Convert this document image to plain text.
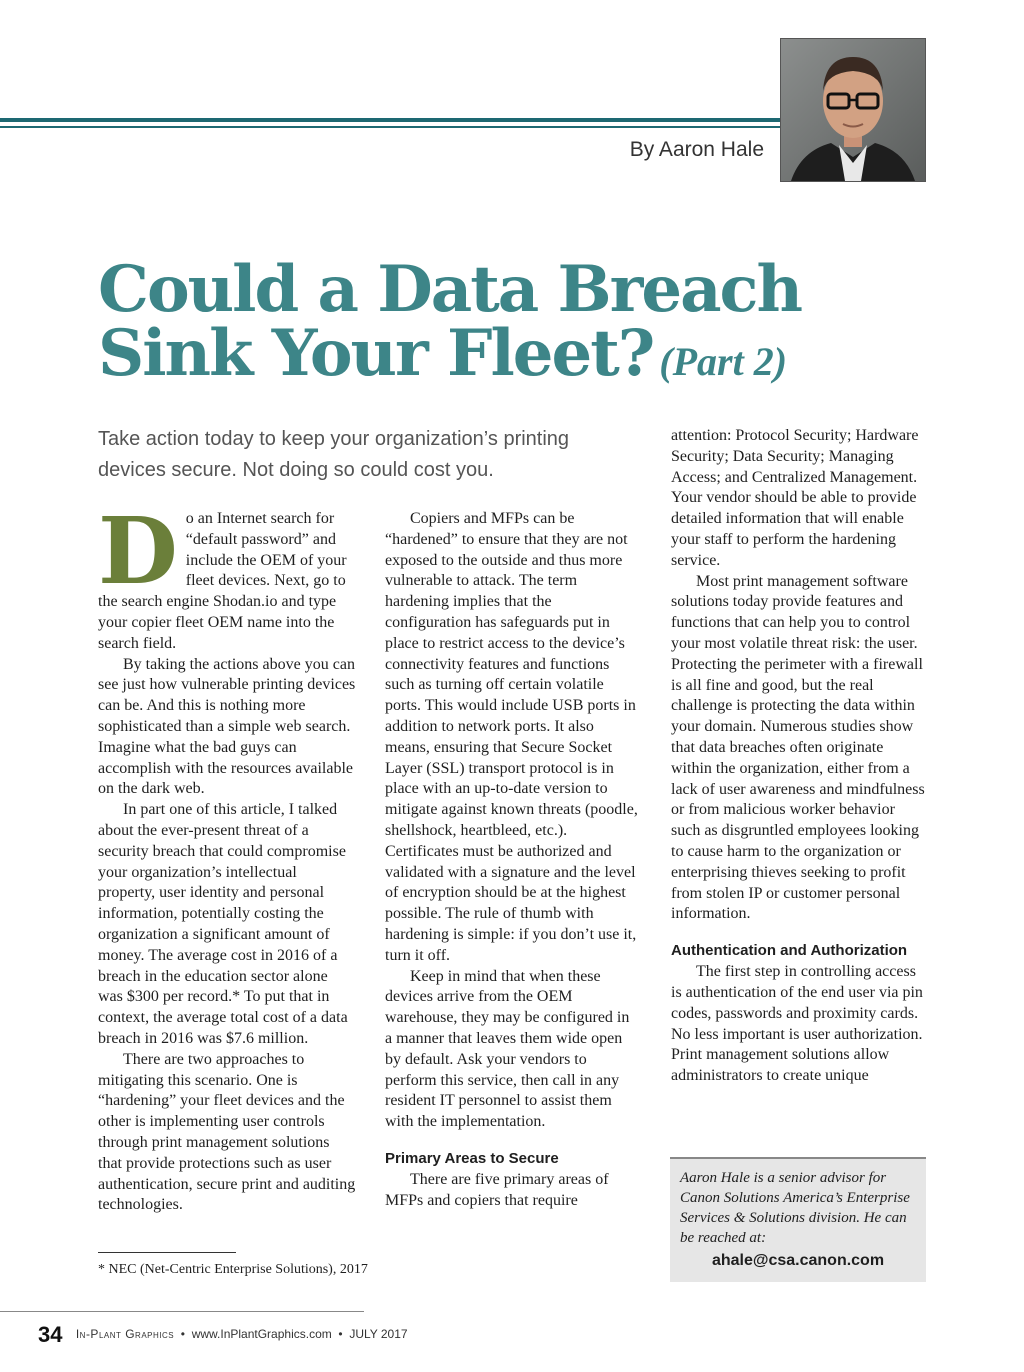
By Aaron Hale
Could a Data Breach
Sink Your Fleet? (Part 2)
Take action today to keep your organization’s printing devices secure. Not doing so could cost you.

Do an Internet search for “default password” and include the OEM of your fleet devices. Next, go to the search engine Shodan.io and type your copier fleet OEM name into the search field.

By taking the actions above you can see just how vulnerable printing devices can be. And this is nothing more sophisticated than a simple web search. Imagine what the bad guys can accomplish with the resources available on the dark web.

In part one of this article, I talked about the ever-present threat of a security breach that could compromise your organization’s intellectual property, user identity and personal information, potentially costing the organization a significant amount of money. The average cost in 2016 of a breach in the education sector alone was $300 per record.* To put that in context, the average total cost of a data breach in 2016 was $7.6 million.

There are two approaches to mitigating this scenario. One is “hardening” your fleet devices and the other is implementing user controls through print management solutions that provide protections such as user authentication, secure print and auditing technologies.

Copiers and MFPs can be “hardened” to ensure that they are not exposed to the outside and thus more vulnerable to attack. The term hardening implies that the configuration has safeguards put in place to restrict access to the device’s connectivity features and functions such as turning off certain volatile ports. This would include USB ports in addition to network ports. It also means, ensuring that Secure Socket Layer (SSL) transport protocol is in place with an up-to-date version to mitigate against known threats (poodle, shellshock, heartbleed, etc.). Certificates must be authorized and validated with a signature and the level of encryption should be at the highest possible. The rule of thumb with hardening is simple: if you don’t use it, turn it off.

Keep in mind that when these devices arrive from the OEM warehouse, they may be configured in a manner that leaves them wide open by default. Ask your vendors to perform this service, then call in any resident IT personnel to assist them with the implementation.

Primary Areas to Secure

There are five primary areas of MFPs and copiers that require

attention: Protocol Security; Hardware Security; Data Security; Managing Access; and Centralized Management. Your vendor should be able to provide detailed information that will enable your staff to perform the hardening service.

Most print management software solutions today provide features and functions that can help you to control your most volatile threat risk: the user. Protecting the perimeter with a firewall is all fine and good, but the real challenge is protecting the data within your domain. Numerous studies show that data breaches often originate within the organization, either from a lack of user awareness and mindfulness or from malicious worker behavior such as disgruntled employees looking to cause harm to the organization or enterprising thieves seeking to profit from stolen IP or customer personal information.

Authentication and Authorization

The first step in controlling access is authentication of the end user via pin codes, passwords and proximity cards. No less important is user authorization. Print management solutions allow administrators to create unique

* NEC (Net-Centric Enterprise Solutions), 2017
Aaron Hale is a senior advisor for Canon Solutions America’s Enterprise Services & Solutions division. He can be reached at:
ahale@csa.canon.com
34 In-Plant Graphics  •  www.InPlantGraphics.com  •  JULY 2017
